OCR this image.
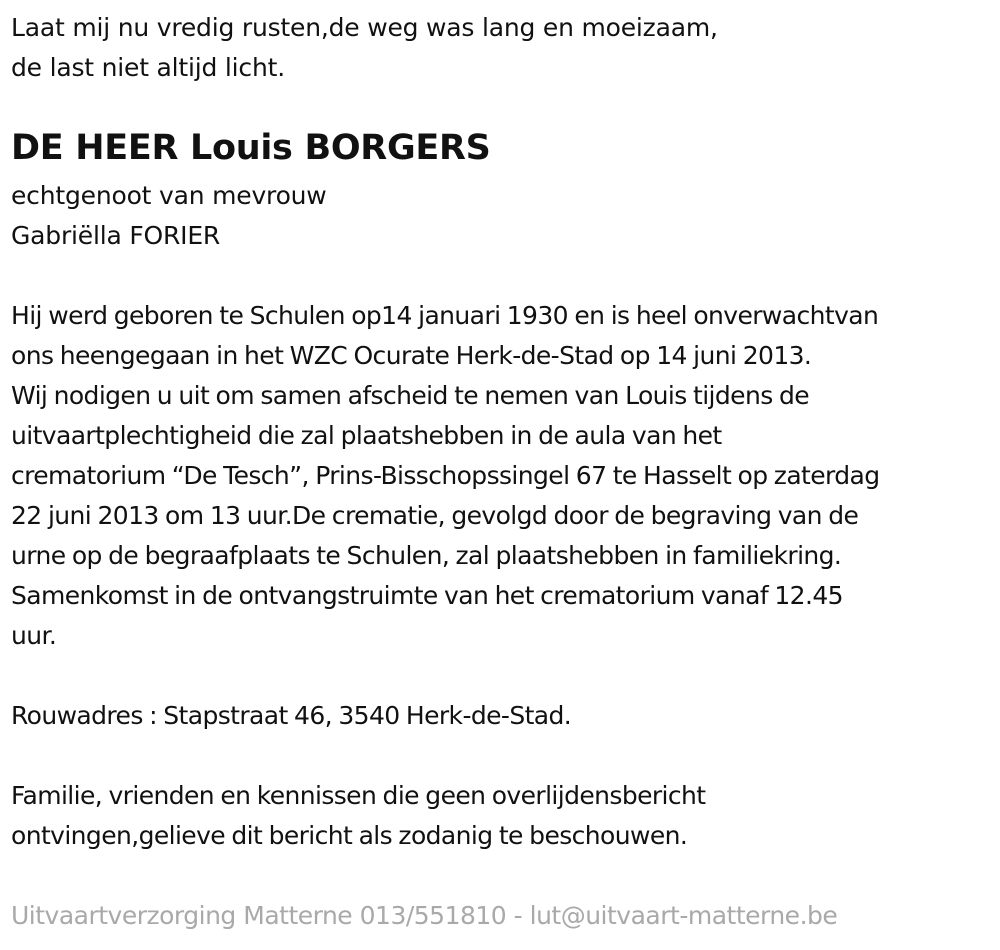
Laat mij nu vredig rusten,de weg was lang en moeizaam,
de last niet altijd licht.
DE HEER Louis BORGERS
echtgenoot van mevrouw
Gabriëlla FORIER
Hij werd geboren te Schulen op14 januari 1930 en is heel onverwachtvan
ons heengegaan in het WZC Ocurate Herk-de-Stad op 14 juni 2013.
Wij nodigen u uit om samen afscheid te nemen van Louis tijdens de
uitvaartplechtigheid die zal plaatshebben in de aula van het
crematorium “De Tesch”, Prins-Bisschopssingel 67 te Hasselt op zaterdag
22 juni 2013 om 13 uur.De crematie, gevolgd door de begraving van de
urne op de begraafplaats te Schulen, zal plaatshebben in familiekring.
Samenkomst in de ontvangstruimte van het crematorium vanaf 12.45
uur.
Rouwadres : Stapstraat 46, 3540 Herk-de-Stad.
Familie, vrienden en kennissen die geen overlijdensbericht
ontvingen,gelieve dit bericht als zodanig te beschouwen.
Uitvaartverzorging Matterne 013/551810 - lut@uitvaart-matterne.be
